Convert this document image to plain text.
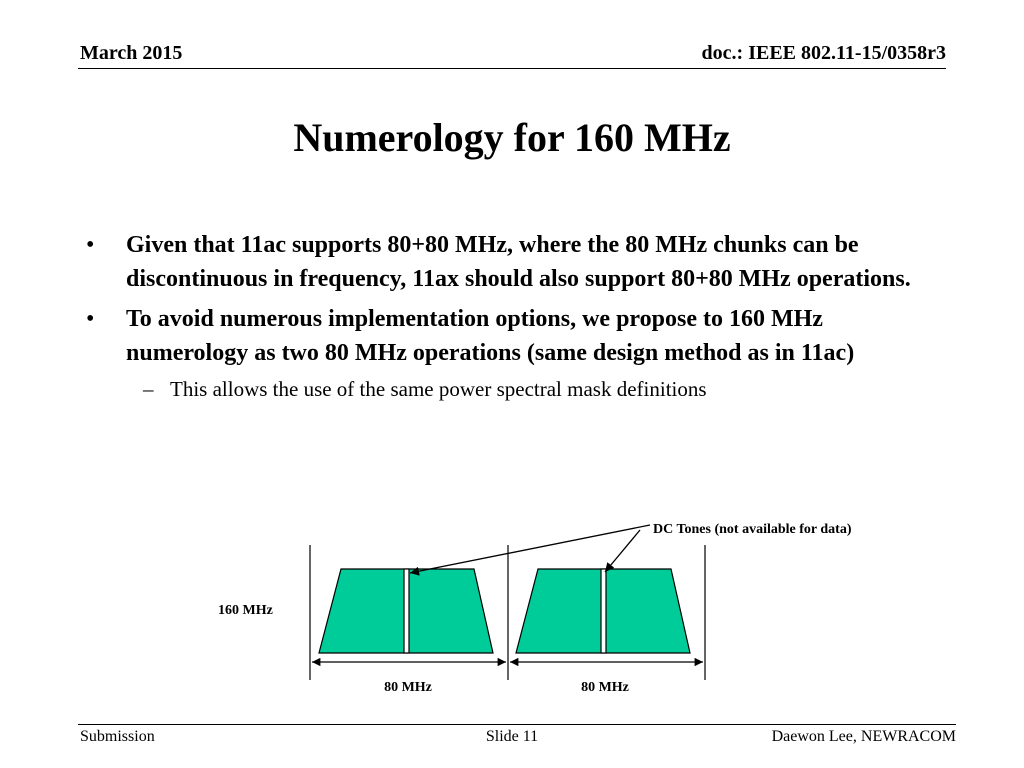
March 2015	doc.: IEEE 802.11-15/0358r3
Numerology for 160 MHz
• Given that 11ac supports 80+80 MHz, where the 80 MHz chunks can be discontinuous in frequency, 11ax should also support 80+80 MHz operations.
• To avoid numerous implementation options, we propose to 160 MHz numerology as two 80 MHz operations (same design method as in 11ac)
– This allows the use of the same power spectral mask definitions
160 MHz
80 MHz	80 MHz
DC Tones (not available for data)
Submission	Slide 11	Daewon Lee, NEWRACOM
